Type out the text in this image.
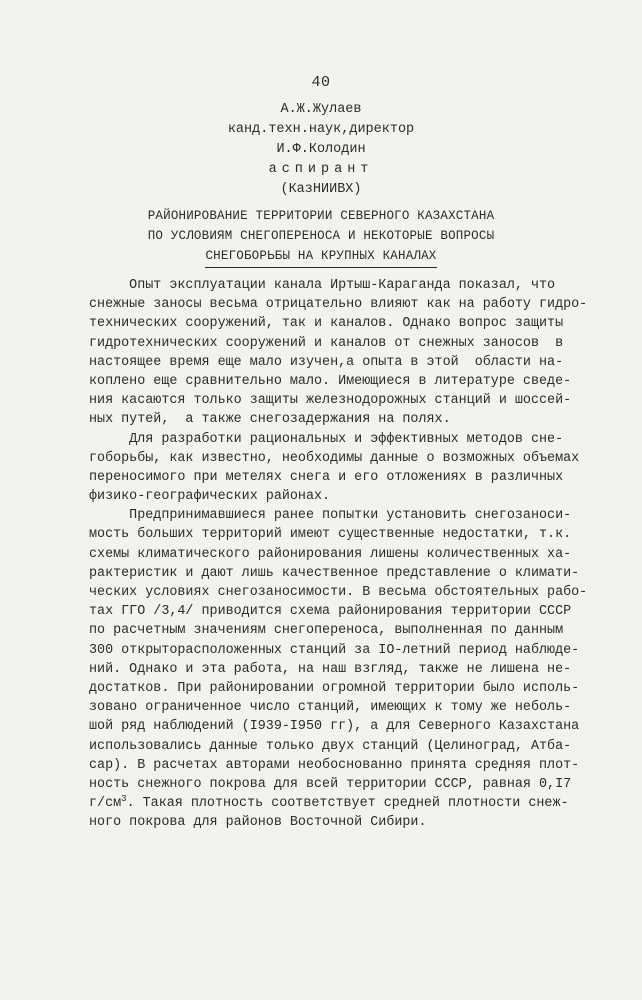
40
А.Ж.Жулаев
канд.техн.наук,директор
И.Ф.Колодин
аспирант
(КазНИИВХ)
РАЙОНИРОВАНИЕ ТЕРРИТОРИИ СЕВЕРНОГО КАЗАХСТАНА
ПО УСЛОВИЯМ СНЕГОПЕРЕНОСА И НЕКОТОРЫЕ ВОПРОСЫ
СНЕГОБОРЬБЫ НА КРУПНЫХ КАНАЛАХ
Опыт эксплуатации канала Иртыш-Караганда показал, что
снежные заносы весьма отрицательно влияют как на работу гидро-
технических сооружений, так и каналов. Однако вопрос защиты
гидротехнических сооружений и каналов от снежных заносов  в
настоящее время еще мало изучен,а опыта в этой  области на-
коплено еще сравнительно мало. Имеющиеся в литературе сведе-
ния касаются только защиты железнодорожных станций и шоссей-
ных путей,  а также снегозадержания на полях.
Для разработки рациональных и эффективных методов сне-
гоборьбы, как известно, необходимы данные о возможных объемах
переносимого при метелях снега и его отложениях в различных
физико-географических районах.
Предпринимавшиеся ранее попытки установить снегозаноси-
мость больших территорий имеют существенные недостатки, т.к.
схемы климатического районирования лишены количественных ха-
рактеристик и дают лишь качественное представление о климати-
ческих условиях снегозаносимости. В весьма обстоятельных рабо-
тах ГГО /3,4/ приводится схема районирования территории СССР
по расчетным значениям снегопереноса, выполненная по данным
300 открыторасположенных станций за IO-летний период наблюде-
ний. Однако и эта работа, на наш взгляд, также не лишена не-
достатков. При районировании огромной территории было исполь-
зовано ограниченное число станций, имеющих к тому же неболь-
шой ряд наблюдений (I939-I950 гг), а для Северного Казахстана
использовались данные только двух станций (Целиноград, Атба-
сар). В расчетах авторами необоснованно принята средняя плот-
ность снежного покрова для всей территории СССР, равная 0,I7
$г/см^3$. Такая плотность соответствует средней плотности снеж-
ного покрова для районов Восточной Сибири.
